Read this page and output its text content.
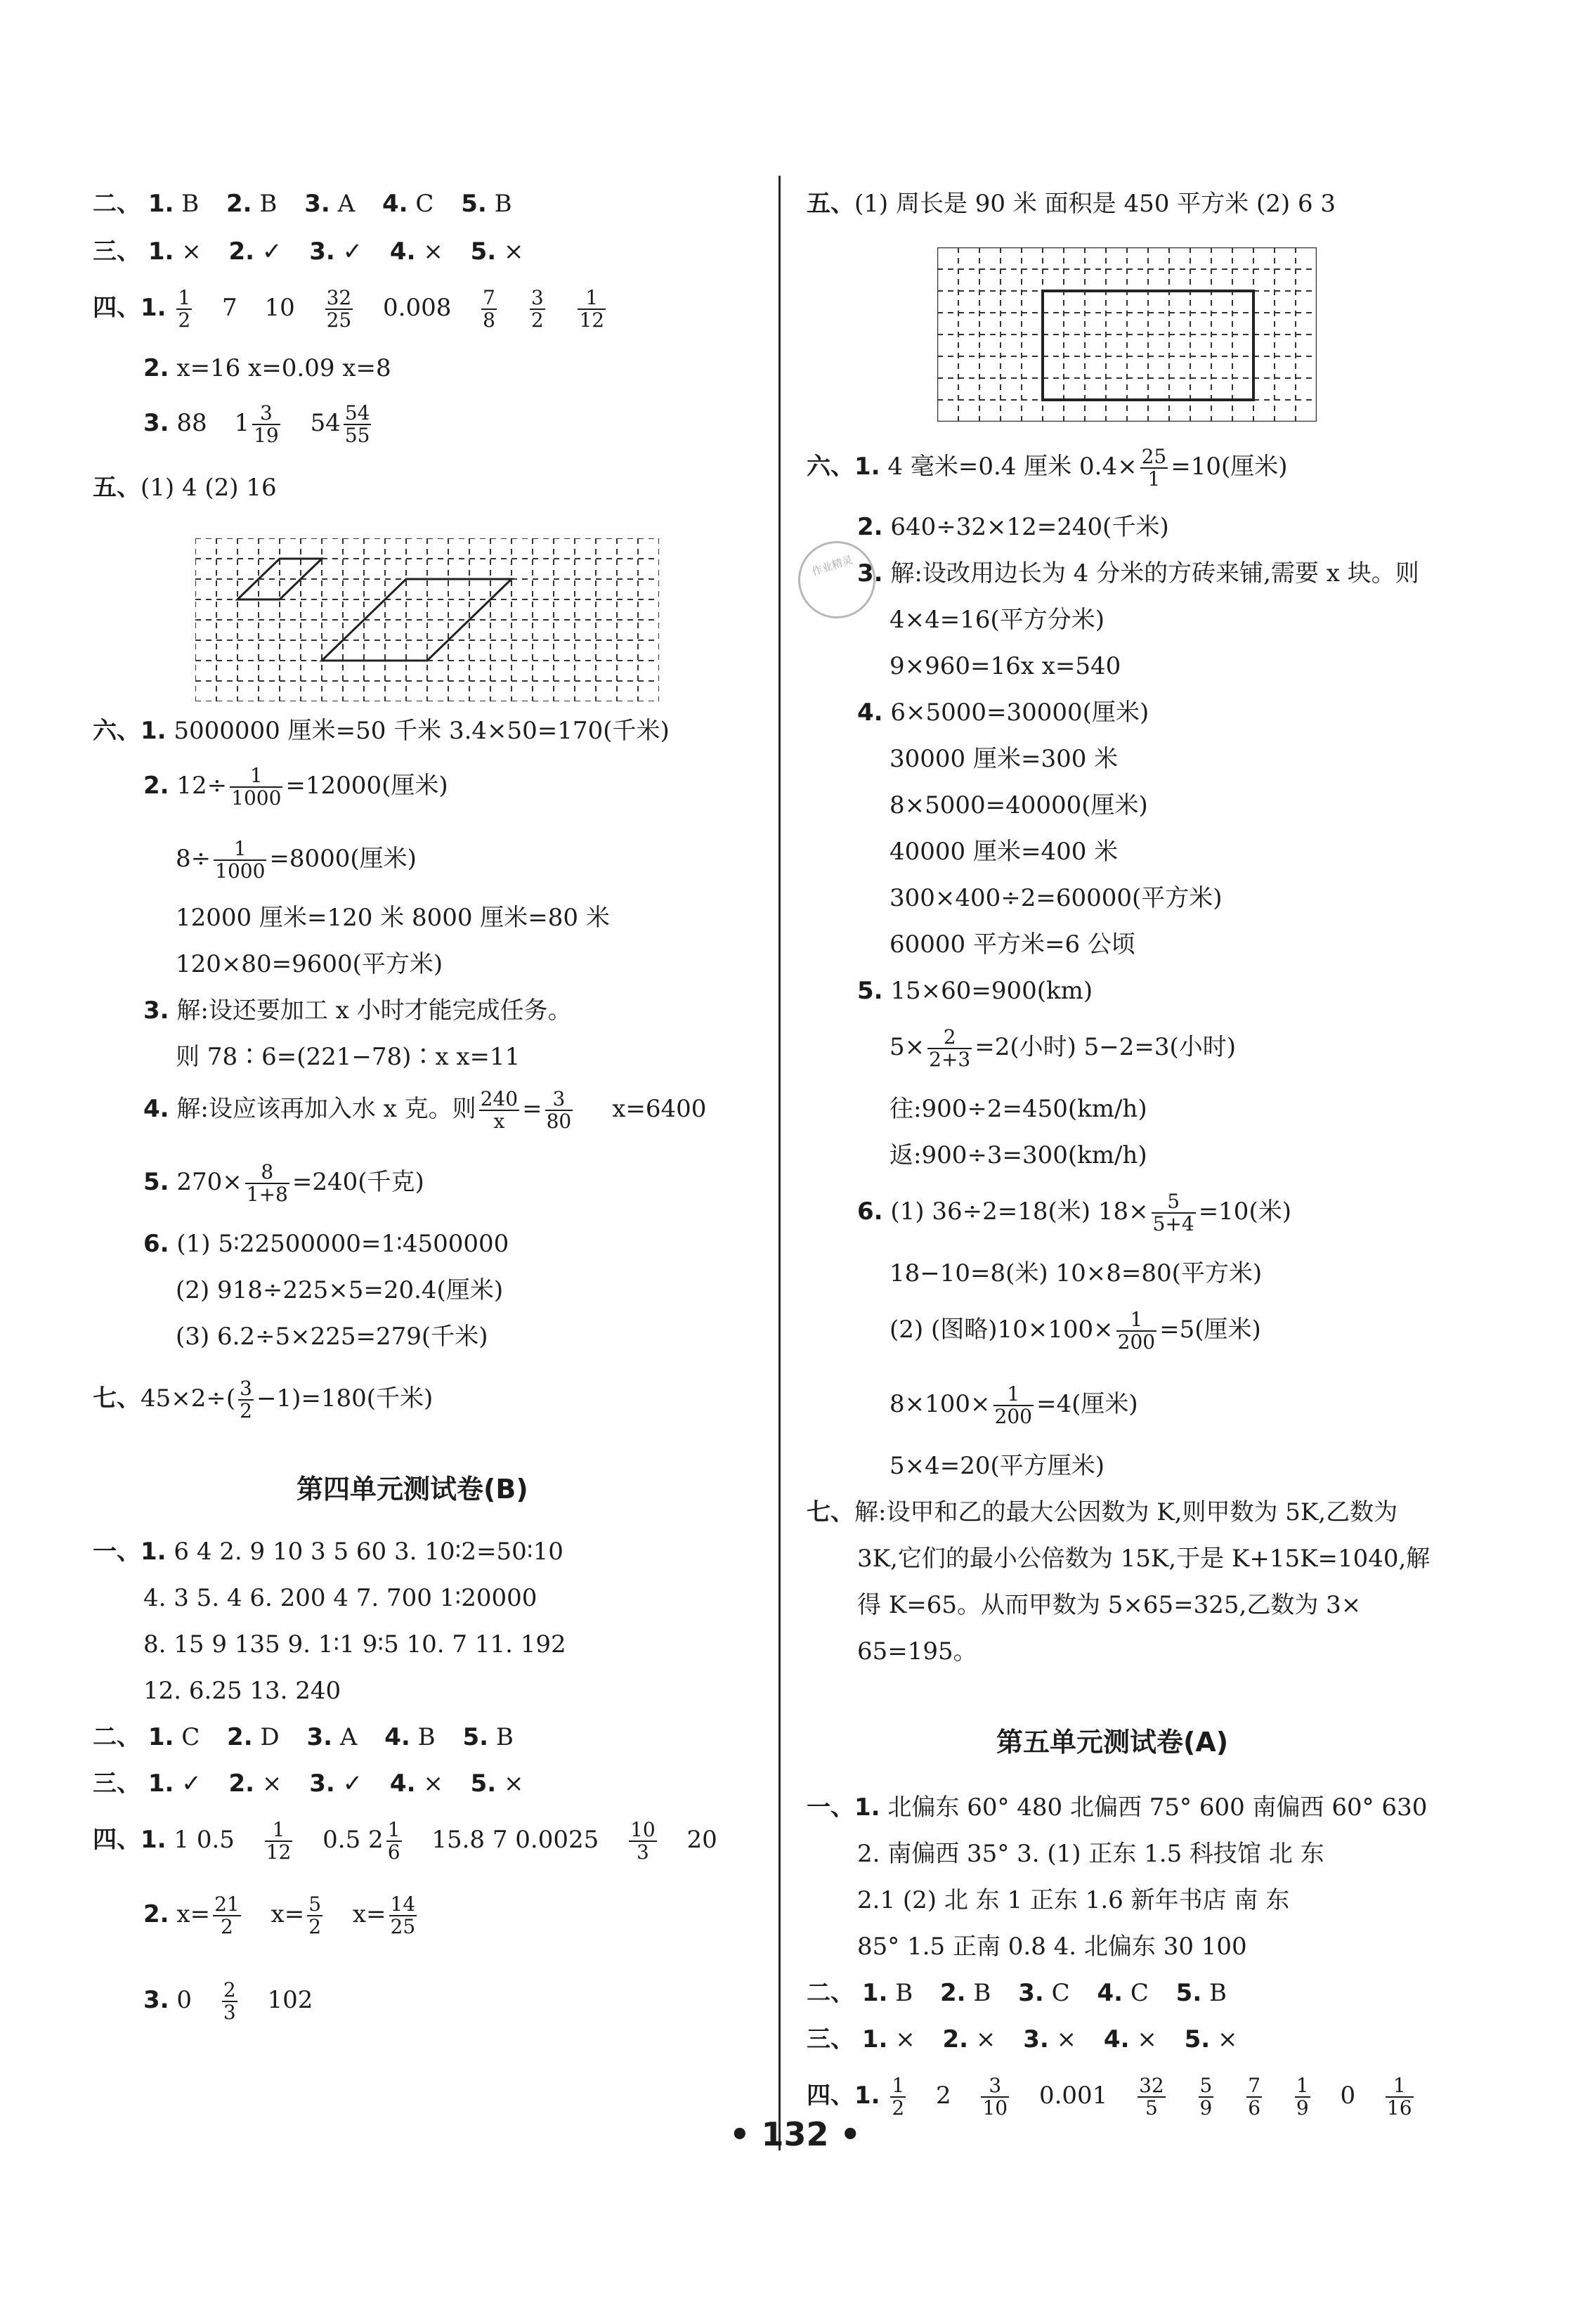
二、 1. B 2. B 3. A 4. C 5. B
三、 1. × 2. ✓ 3. ✓ 4. × 5. ×
四、1. $\frac{1}{2} 7$ $10 \frac{32}{25} 0.008 \frac{7}{8}$
$\frac{3}{2}$
$\frac{1}{12}$
2. x=16 x=0.09 x=8
3. 88 $1 \frac{3}{19} 54 \frac{54}{55}$
五、(1) 4 (2) 16
六、1. 5000000 厘米=50 千米 3.4×50=170(千米)
2. $12\div \frac{1}{1000} =12000$(厘米)
$8\div \frac{1}{1000} =8000$(厘米)
12000 厘米=120 米 8000 厘米=80 米
120×80=9600(平方米)
3. 解:设还要加工 x 小时才能完成任务。
则 78∶6=(221−78)∶x x=11
4. 解:设应该再加入水 x 克。则 $\frac{240}{x} = \frac{3}{80} x=6400$
5. $270\times \frac{8}{1+8} =240$(千克)
6. (1) 5∶22500000=1∶4500000
(2) 918÷225×5=20.4(厘米)
(3) 6.2÷5×225=279(千米)
七、$45\times 2\div( \frac{3}{2} -1)=180$(千米)
第四单元测试卷(B)
一、1. 6 4 2. 9 10 3 5 60 3. 10∶2=50∶10
4. 3 5. 4 6. 200 4 7. 700 1∶20000
8. 15 9 135 9. 1∶1 9∶5 10. 7 11. 192
12. 6.25 13. 240
二、 1. C 2. D 3. A 4. B 5. B
三、 1. ✓ 2. × 3. ✓ 4. × 5. ×
四、1. 1 $0.5 \frac{1}{12} 0.5$ $2 \frac{1}{6} 15.8$ 7 $0.0025 \frac{10}{3} 20$
2. $x= \frac{21}{2} x= \frac{5}{2} x= \frac{14}{25}$
3. $0 \frac{2}{3} 102$
五、(1) 周长是 90 米 面积是 450 平方米 (2) 6 3
六、1. 4 毫米=0.4 厘米 $0.4\times \frac{25}{1} =10$(厘米)
2. 640÷32×12=240(千米)
3. 解:设改用边长为 4 分米的方砖来铺,需要 x 块。则
4×4=16(平方分米)
9×960=16x x=540
4. 6×5000=30000(厘米)
30000 厘米=300 米
8×5000=40000(厘米)
40000 厘米=400 米
300×400÷2=60000(平方米)
60000 平方米=6 公顷
5. 15×60=900(km)
$5\times \frac{2}{2+3} =2$(小时) 5−2=3(小时)
往:900÷2=450(km/h)
返:900÷3=300(km/h)
6. (1) 36÷2=18(米) $18\times \frac{5}{5+4} =10$(米)
18−10=8(米) 10×8=80(平方米)
(2) (图略)$10\times 100\times \frac{1}{200} =5$(厘米)
$8\times 100\times \frac{1}{200} =4$(厘米)
5×4=20(平方厘米)
七、解:设甲和乙的最大公因数为 K,则甲数为 5K,乙数为
3K,它们的最小公倍数为 15K,于是 K+15K=1040,解
得 K=65。从而甲数为 5×65=325,乙数为 3×
65=195。
第五单元测试卷(A)
一、1. 北偏东 60° 480 北偏西 75° 600 南偏西 60° 630
2. 南偏西 35° 3. (1) 正东 1.5 科技馆 北 东
2.1 (2) 北 东 1 正东 1.6 新年书店 南 东
85° 1.5 正南 0.8 4. 北偏东 30 100
二、 1. B 2. B 3. C 4. C 5. B
三、 1. × 2. × 3. × 4. × 5. ×
四、1. $\frac{1}{2} 2 \frac{3}{10} 0.001 \frac{32}{5}$
$\frac{5}{9}$
$\frac{7}{6}$
$\frac{1}{9} 0 \frac{1}{16}$
作业精灵
• 132 •
